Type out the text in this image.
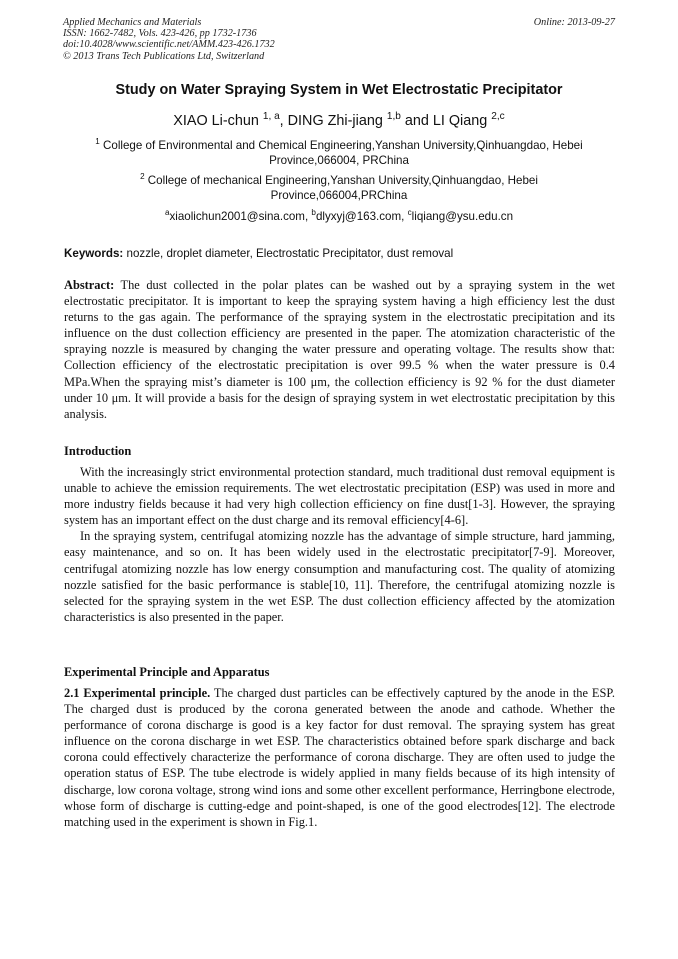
Applied Mechanics and Materials
ISSN: 1662-7482, Vols. 423-426, pp 1732-1736
doi:10.4028/www.scientific.net/AMM.423-426.1732
© 2013 Trans Tech Publications Ltd, Switzerland
Online: 2013-09-27
Study on Water Spraying System in Wet Electrostatic Precipitator
XIAO Li-chun $^{1, a}$, DING Zhi-jiang $^{1,b}$ and LI Qiang $^{2,c}$
$^1$ College of Environmental and Chemical Engineering,Yanshan University,Qinhuangdao, Hebei Province,066004, PRChina
$^2$ College of mechanical Engineering,Yanshan University,Qinhuangdao, Hebei Province,066004,PRChina
$^a$xiaolichun2001@sina.com, $^b$dlyxyj@163.com, $^c$liqiang@ysu.edu.cn
Keywords: nozzle, droplet diameter, Electrostatic Precipitator, dust removal
Abstract: The dust collected in the polar plates can be washed out by a spraying system in the wet electrostatic precipitator. It is important to keep the spraying system having a high efficiency lest the dust returns to the gas again. The performance of the spraying system in the electrostatic precipitation and its influence on the dust collection efficiency are presented in the paper. The atomization characteristic of the spraying nozzle is measured by changing the water pressure and operating voltage. The results show that: Collection efficiency of the electrostatic precipitation is over 99.5 % when the water pressure is 0.4 MPa.When the spraying mist’s diameter is 100 μm, the collection efficiency is 92 % for the dust diameter under 10 μm. It will provide a basis for the design of spraying system in wet electrostatic precipitation by this analysis.
Introduction

With the increasingly strict environmental protection standard, much traditional dust removal equipment is unable to achieve the emission requirements. The wet electrostatic precipitation (ESP) was used in more and more industry fields because it had very high collection efficiency on fine dust[1-3]. However, the spraying system has an important effect on the dust charge and its removal efficiency[4-6].

In the spraying system, centrifugal atomizing nozzle has the advantage of simple structure, hard jamming, easy maintenance, and so on. It has been widely used in the electrostatic precipitator[7-9]. Moreover, centrifugal atomizing nozzle has low energy consumption and manufacturing cost. The quality of atomizing nozzle satisfied for the basic performance is stable[10, 11]. Therefore, the centrifugal atomizing nozzle is selected for the spraying system in the wet ESP. The dust collection efficiency affected by the atomization characteristics is also presented in the paper.

Experimental Principle and Apparatus
2.1 Experimental principle. The charged dust particles can be effectively captured by the anode in the ESP. The charged dust is produced by the corona generated between the anode and cathode. Whether the performance of corona discharge is good is a key factor for dust removal. The spraying system has great influence on the corona discharge in wet ESP. The characteristics obtained before spark discharge and back corona could effectively characterize the performance of corona discharge. They are often used to judge the operation status of ESP. The tube electrode is widely applied in many fields because of its high intensity of discharge, low corona voltage, strong wind ions and some other excellent performance, Herringbone electrode, whose form of discharge is cutting-edge and point-shaped, is one of the good electrodes[12]. The electrode matching used in the experiment is shown in Fig.1.
